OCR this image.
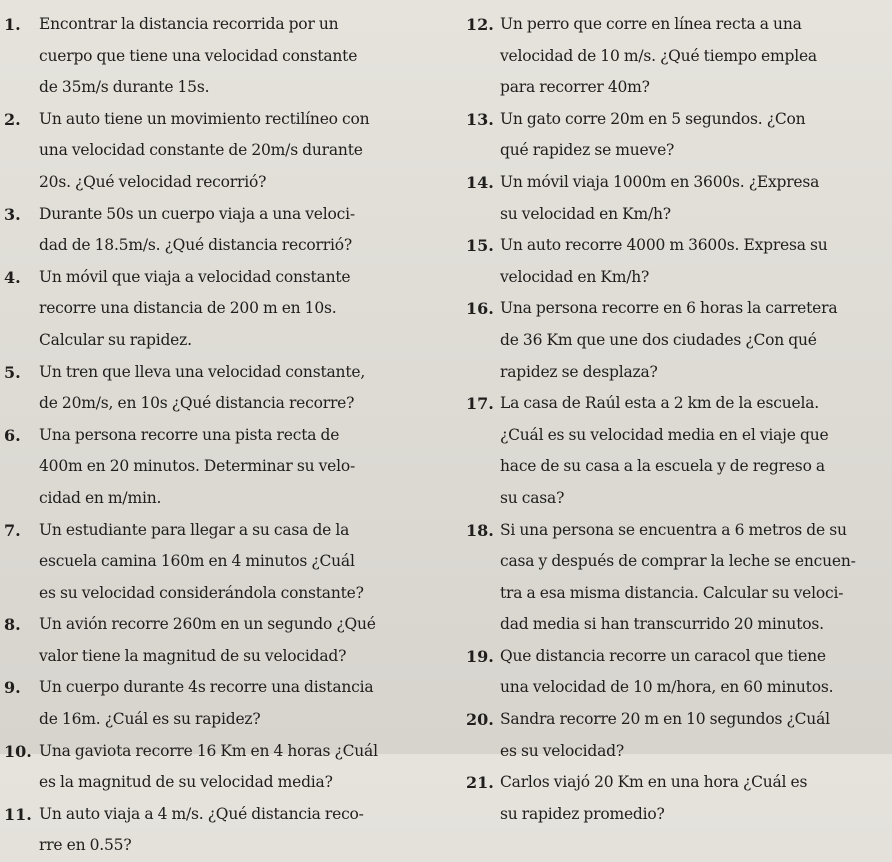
1.	Encontrar la distancia recorrida por un
cuerpo que tiene una velocidad constante
de 35m/s durante 15s.
2.	Un auto tiene un movimiento rectilíneo con
una velocidad constante de 20m/s durante
20s. ¿Qué velocidad recorrió?
3.	Durante 50s un cuerpo viaja a una veloci-
dad de 18.5m/s. ¿Qué distancia recorrió?
4.	Un móvil que viaja a velocidad constante
recorre una distancia de 200 m en 10s.
Calcular su rapidez.
5.	Un tren que lleva una velocidad constante,
de 20m/s, en 10s ¿Qué distancia recorre?
6.	Una persona recorre una pista recta de
400m en 20 minutos. Determinar su velo-
cidad en m/min.
7.	Un estudiante para llegar a su casa de la
escuela camina 160m en 4 minutos ¿Cuál
es su velocidad considerándola constante?
8.	Un avión recorre 260m en un segundo ¿Qué
valor tiene la magnitud de su velocidad?
9.	Un cuerpo durante 4s recorre una distancia
de 16m. ¿Cuál es su rapidez?
10. Una gaviota recorre 16 Km en 4 horas ¿Cuál
es la magnitud de su velocidad media?
11. Un auto viaja a 4 m/s. ¿Qué distancia reco-
rre en 0.55?
12. Un perro que corre en línea recta a una
velocidad de 10 m/s. ¿Qué tiempo emplea
para recorrer 40m?
13. Un gato corre 20m en 5 segundos. ¿Con
qué rapidez se mueve?
14. Un móvil viaja 1000m en 3600s. ¿Expresa
su velocidad en Km/h?
15. Un auto recorre 4000 m 3600s. Expresa su
velocidad en Km/h?
16. Una persona recorre en 6 horas la carretera
de 36 Km que une dos ciudades ¿Con qué
rapidez se desplaza?
17. La casa de Raúl esta a 2 km de la escuela.
¿Cuál es su velocidad media en el viaje que
hace de su casa a la escuela y de regreso a
su casa?
18. Si una persona se encuentra a 6 metros de su
casa y después de comprar la leche se encuen-
tra a esa misma distancia. Calcular su veloci-
dad media si han transcurrido 20 minutos.
19. Que distancia recorre un caracol que tiene
una velocidad de 10 m/hora, en 60 minutos.
20. Sandra recorre 20 m en 10 segundos ¿Cuál
es su velocidad?
21. Carlos viajó 20 Km en una hora ¿Cuál es
su rapidez promedio?
